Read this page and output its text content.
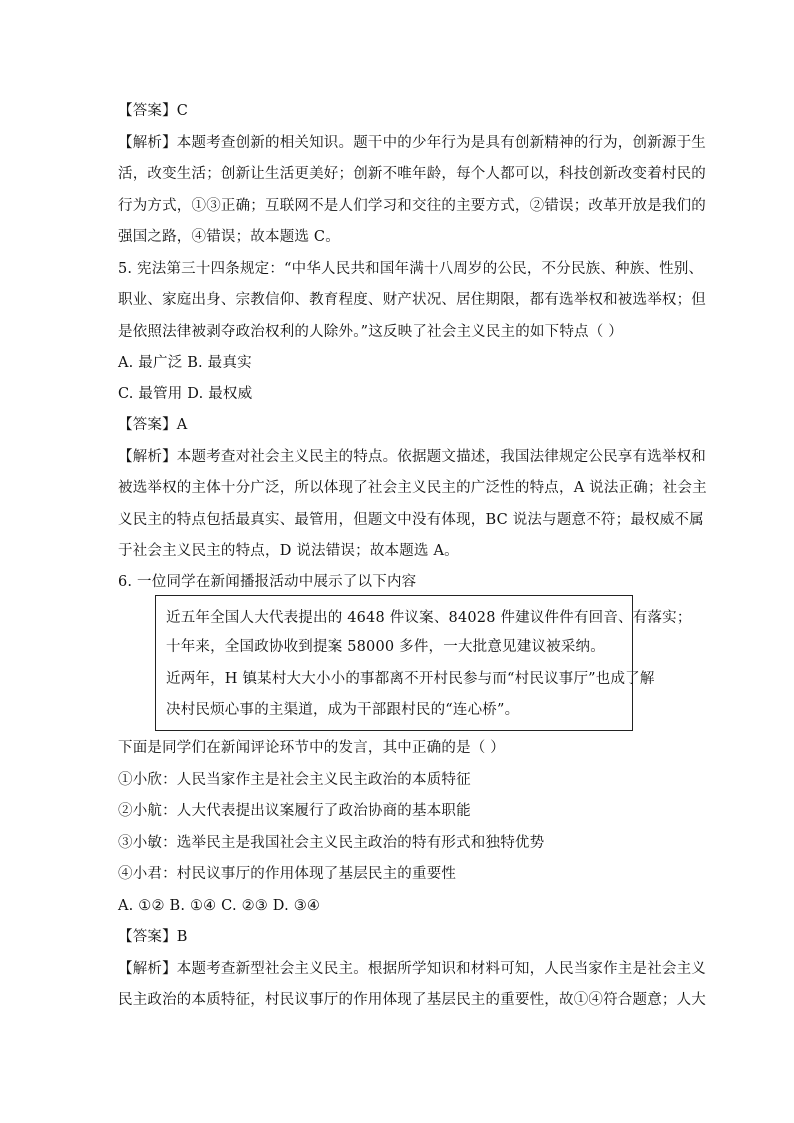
【答案】C
【解析】本题考查创新的相关知识。题干中的少年行为是具有创新精神的行为，创新源于生
活，改变生活；创新让生活更美好；创新不唯年龄，每个人都可以，科技创新改变着村民的
行为方式，①③正确；互联网不是人们学习和交往的主要方式，②错误；改革开放是我们的
强国之路，④错误；故本题选 C。
5. 宪法第三十四条规定：“中华人民共和国年满十八周岁的公民，不分民族、种族、性别、
职业、家庭出身、宗教信仰、教育程度、财产状况、居住期限，都有选举权和被选举权；但
是依照法律被剥夺政治权利的人除外。”这反映了社会主义民主的如下特点（ ）
A. 最广泛 B. 最真实
C. 最管用 D. 最权威
【答案】A
【解析】本题考查对社会主义民主的特点。依据题文描述，我国法律规定公民享有选举权和
被选举权的主体十分广泛，所以体现了社会主义民主的广泛性的特点，A 说法正确；社会主
义民主的特点包括最真实、最管用，但题文中没有体现，BC 说法与题意不符；最权威不属
于社会主义民主的特点，D 说法错误；故本题选 A。
6. 一位同学在新闻播报活动中展示了以下内容
近五年全国人大代表提出的 4648 件议案、84028 件建议件件有回音、有落实；
十年来，全国政协收到提案 58000 多件，一大批意见建议被采纳。
近两年，H 镇某村大大小小的事都离不开村民参与而“村民议事厅”也成了解
决村民烦心事的主渠道，成为干部跟村民的“连心桥”。
下面是同学们在新闻评论环节中的发言，其中正确的是（ ）
①小欣：人民当家作主是社会主义民主政治的本质特征
②小航：人大代表提出议案履行了政治协商的基本职能
③小敏：选举民主是我国社会主义民主政治的特有形式和独特优势
④小君：村民议事厅的作用体现了基层民主的重要性
A. ①② B. ①④ C. ②③ D. ③④
【答案】B
【解析】本题考查新型社会主义民主。根据所学知识和材料可知，人民当家作主是社会主义
民主政治的本质特征，村民议事厅的作用体现了基层民主的重要性，故①④符合题意；人大
